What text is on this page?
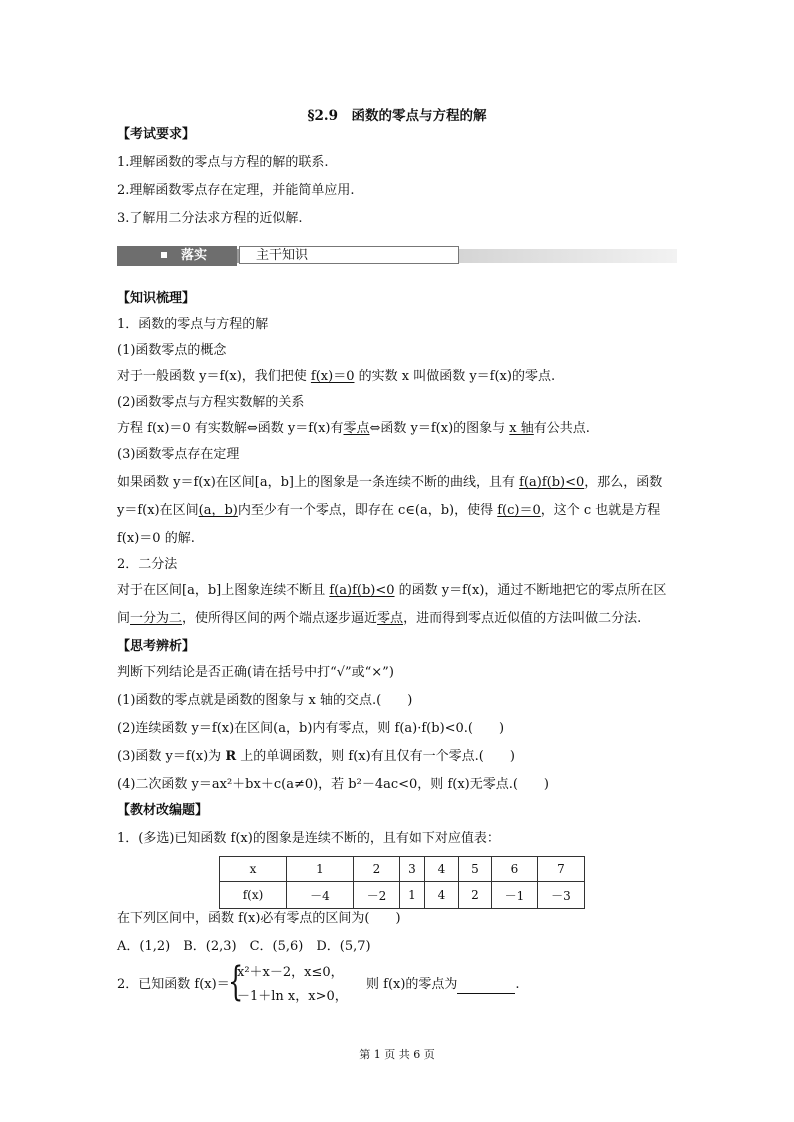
§2.9　函数的零点与方程的解
【考试要求】
1.理解函数的零点与方程的解的联系.
2.理解函数零点存在定理，并能简单应用.
3.了解用二分法求方程的近似解.
落实	主干知识
【知识梳理】
1．函数的零点与方程的解
(1)函数零点的概念
对于一般函数 y＝f(x)，我们把使 f(x)＝0 的实数 x 叫做函数 y＝f(x)的零点.
(2)函数零点与方程实数解的关系
方程 f(x)＝0 有实数解⇔函数 y＝f(x)有零点⇔函数 y＝f(x)的图象与 x 轴有公共点.
(3)函数零点存在定理
如果函数 y＝f(x)在区间[a，b]上的图象是一条连续不断的曲线，且有 f(a)f(b)<0，那么，函数
y＝f(x)在区间(a，b)内至少有一个零点，即存在 c∈(a，b)，使得 f(c)＝0，这个 c 也就是方程
f(x)＝0 的解.
2．二分法
对于在区间[a，b]上图象连续不断且 f(a)f(b)<0 的函数 y＝f(x)，通过不断地把它的零点所在区
间一分为二，使所得区间的两个端点逐步逼近零点，进而得到零点近似值的方法叫做二分法.
【思考辨析】
判断下列结论是否正确(请在括号中打“√”或“×”)
(1)函数的零点就是函数的图象与 x 轴的交点.(　　)
(2)连续函数 y＝f(x)在区间(a，b)内有零点，则 f(a)·f(b)<0.(　　)
(3)函数 y＝f(x)为 R 上的单调函数，则 f(x)有且仅有一个零点.(　　)
(4)二次函数 y＝ax²＋bx＋c(a≠0)，若 b²－4ac<0，则 f(x)无零点.(　　)
【教材改编题】
1．(多选)已知函数 f(x)的图象是连续不断的，且有如下对应值表：
x	1	2	3	4	5	6	7
f(x)	－4	－2	1	4	2	－1	－3
在下列区间中，函数 f(x)必有零点的区间为(　　)
A．(1,2)　B．(2,3)　C．(5,6)　D．(5,7)
2．已知函数 f(x)＝
{
x²＋x－2，x≤0，
－1＋ln x，x>0，
则 f(x)的零点为	.
第 1 页 共 6 页
